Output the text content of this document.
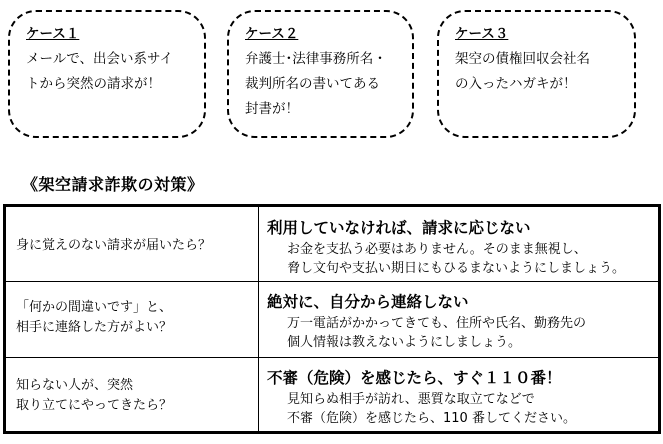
ケース１
メールで、出会い系サイ
トから突然の請求が！
ケース２
弁護士･法律事務所名・
裁判所名の書いてある
封書が！
ケース３
架空の債権回収会社名
の入ったハガキが！
《架空請求詐欺の対策》
身に覚えのない請求が届いたら？
利用していなければ、請求に応じない
お金を支払う必要はありません。そのまま無視し、
脅し文句や支払い期日にもひるまないようにしましょう。
「何かの間違いです」と、
相手に連絡した方がよい？
絶対に、自分から連絡しない
万一電話がかかってきても、住所や氏名、勤務先の
個人情報は教えないようにしましょう。
知らない人が、突然
取り立てにやってきたら？
不審（危険）を感じたら、すぐ１１０番！
見知らぬ相手が訪れ、悪質な取立てなどで
不審（危険）を感じたら、110 番してください。
